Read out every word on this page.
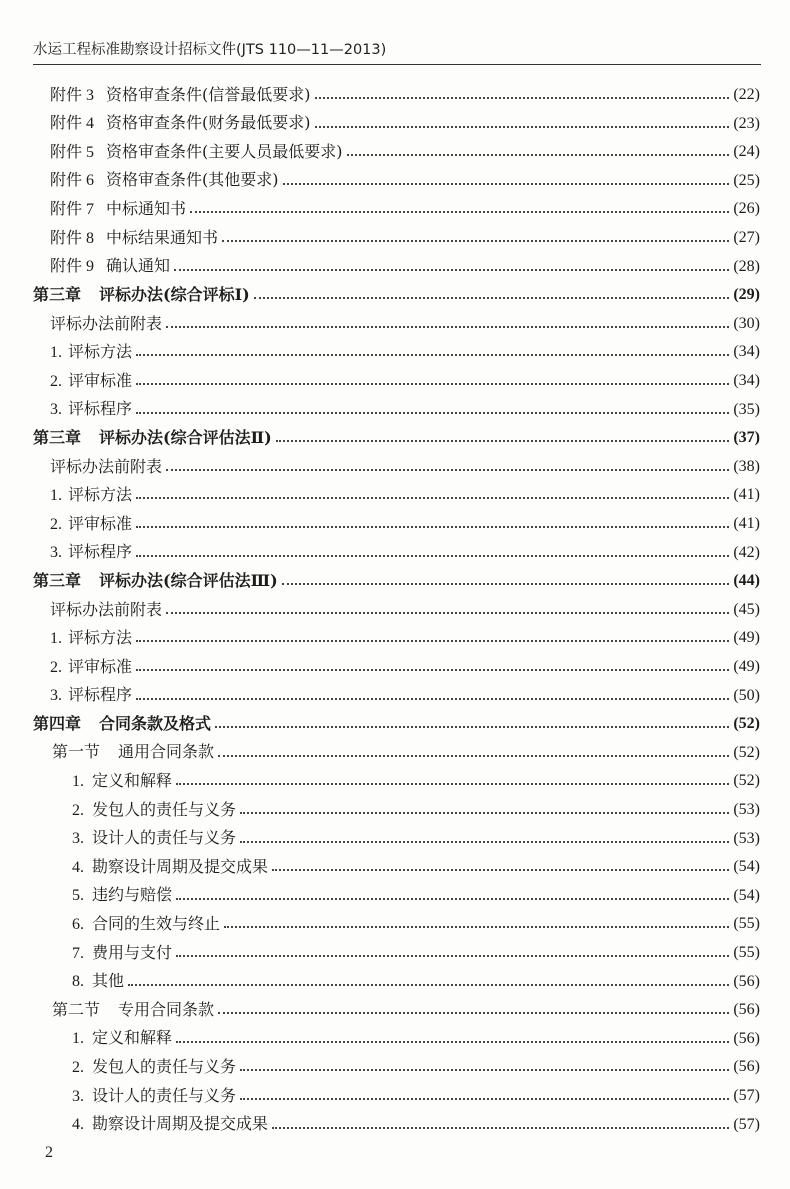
水运工程标准勘察设计招标文件(JTS 110—11—2013)
附件 3 资格审查条件(信誉最低要求)	(22)
附件 4 资格审查条件(财务最低要求)	(23)
附件 5 资格审查条件(主要人员最低要求)	(24)
附件 6 资格审查条件(其他要求)	(25)
附件 7 中标通知书	(26)
附件 8 中标结果通知书	(27)
附件 9 确认通知	(28)
第三章 评标办法(综合评标Ⅰ)	(29)
评标办法前附表	(30)
1. 评标方法	(34)
2. 评审标准	(34)
3. 评标程序	(35)
第三章 评标办法(综合评估法Ⅱ)	(37)
评标办法前附表	(38)
1. 评标方法	(41)
2. 评审标准	(41)
3. 评标程序	(42)
第三章 评标办法(综合评估法Ⅲ)	(44)
评标办法前附表	(45)
1. 评标方法	(49)
2. 评审标准	(49)
3. 评标程序	(50)
第四章 合同条款及格式	(52)
第一节 通用合同条款	(52)
1. 定义和解释	(52)
2. 发包人的责任与义务	(53)
3. 设计人的责任与义务	(53)
4. 勘察设计周期及提交成果	(54)
5. 违约与赔偿	(54)
6. 合同的生效与终止	(55)
7. 费用与支付	(55)
8. 其他	(56)
第二节 专用合同条款	(56)
1. 定义和解释	(56)
2. 发包人的责任与义务	(56)
3. 设计人的责任与义务	(57)
4. 勘察设计周期及提交成果	(57)
2
